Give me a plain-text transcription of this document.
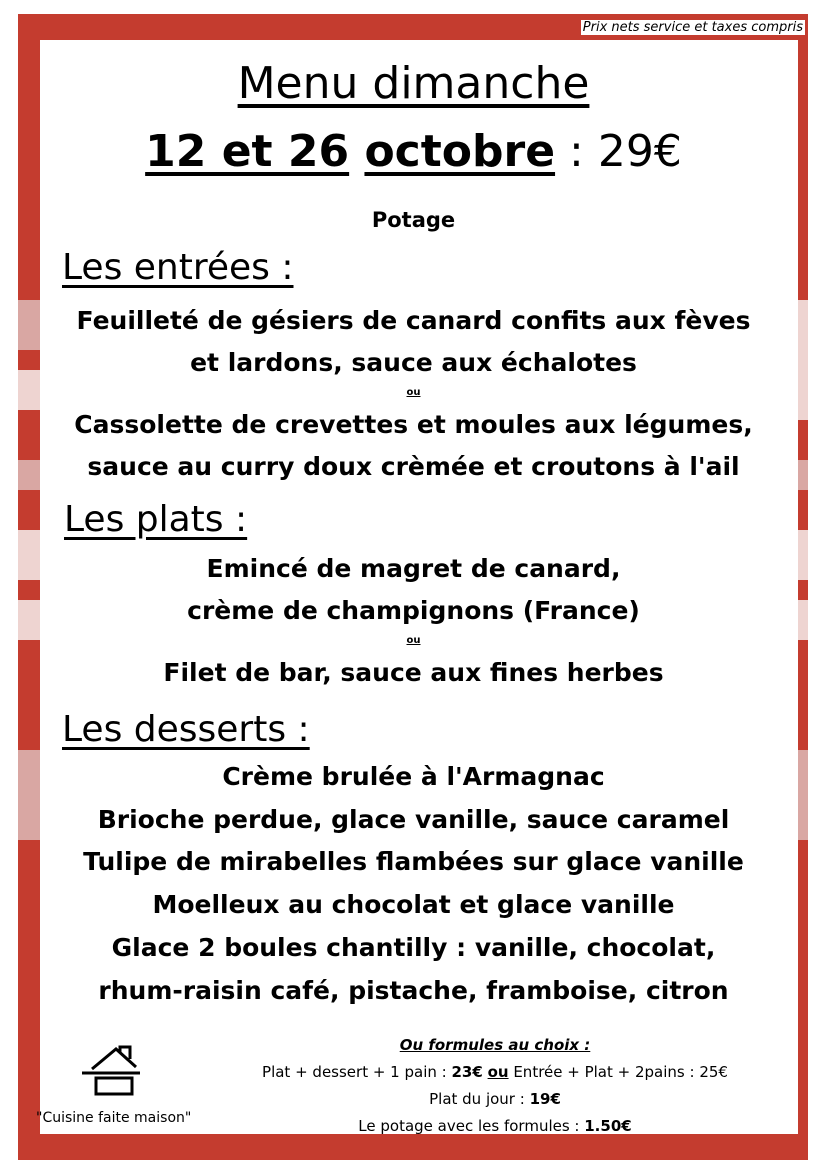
Prix nets service et taxes compris
Menu dimanche
12 et 26 octobre : 29€
Potage
Les entrées :
Feuilleté de gésiers de canard confits aux fèves
et lardons, sauce aux échalotes
ou
Cassolette de crevettes et moules aux légumes,
sauce au curry doux crèmée et croutons à l'ail
Les plats :
Emincé de magret de canard,
crème de champignons (France)
ou
Filet de bar, sauce aux fines herbes
Les desserts :
Crème brulée à l'Armagnac
Brioche perdue, glace vanille, sauce caramel
Tulipe de mirabelles flambées sur glace vanille
Moelleux au chocolat et glace vanille
Glace 2 boules chantilly : vanille, chocolat,
rhum-raisin café, pistache, framboise, citron
Ou formules au choix :
Plat + dessert + 1 pain : 23€ ou Entrée + Plat + 2pains : 25€
Plat du jour : 19€
Le potage avec les formules : 1.50€
"Cuisine faite maison"
